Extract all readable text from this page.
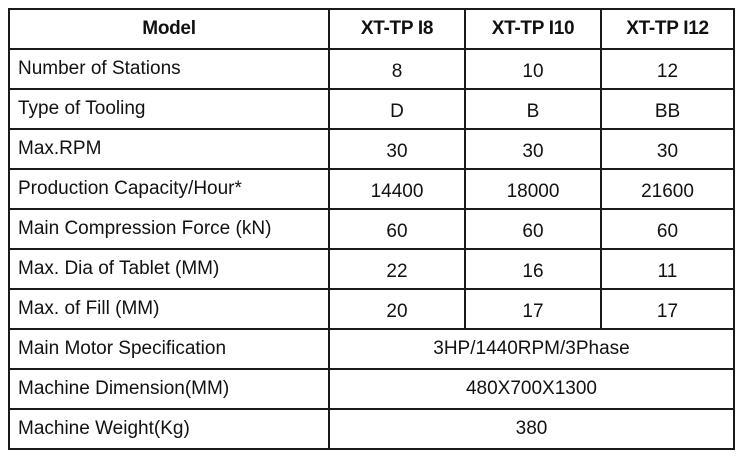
Model	XT-TP I8	XT-TP I10	XT-TP I12
Number of Stations	8	10	12
Type of Tooling	D	B	BB
Max.RPM	30	30	30
Production Capacity/Hour*	14400	18000	21600
Main Compression Force (kN)	60	60	60
Max. Dia of Tablet (MM)	22	16	11
Max. of Fill (MM)	20	17	17
Main Motor Specification	3HP/1440RPM/3Phase		
Machine Dimension(MM)	480X700X1300		
Machine Weight(Kg)	380		
